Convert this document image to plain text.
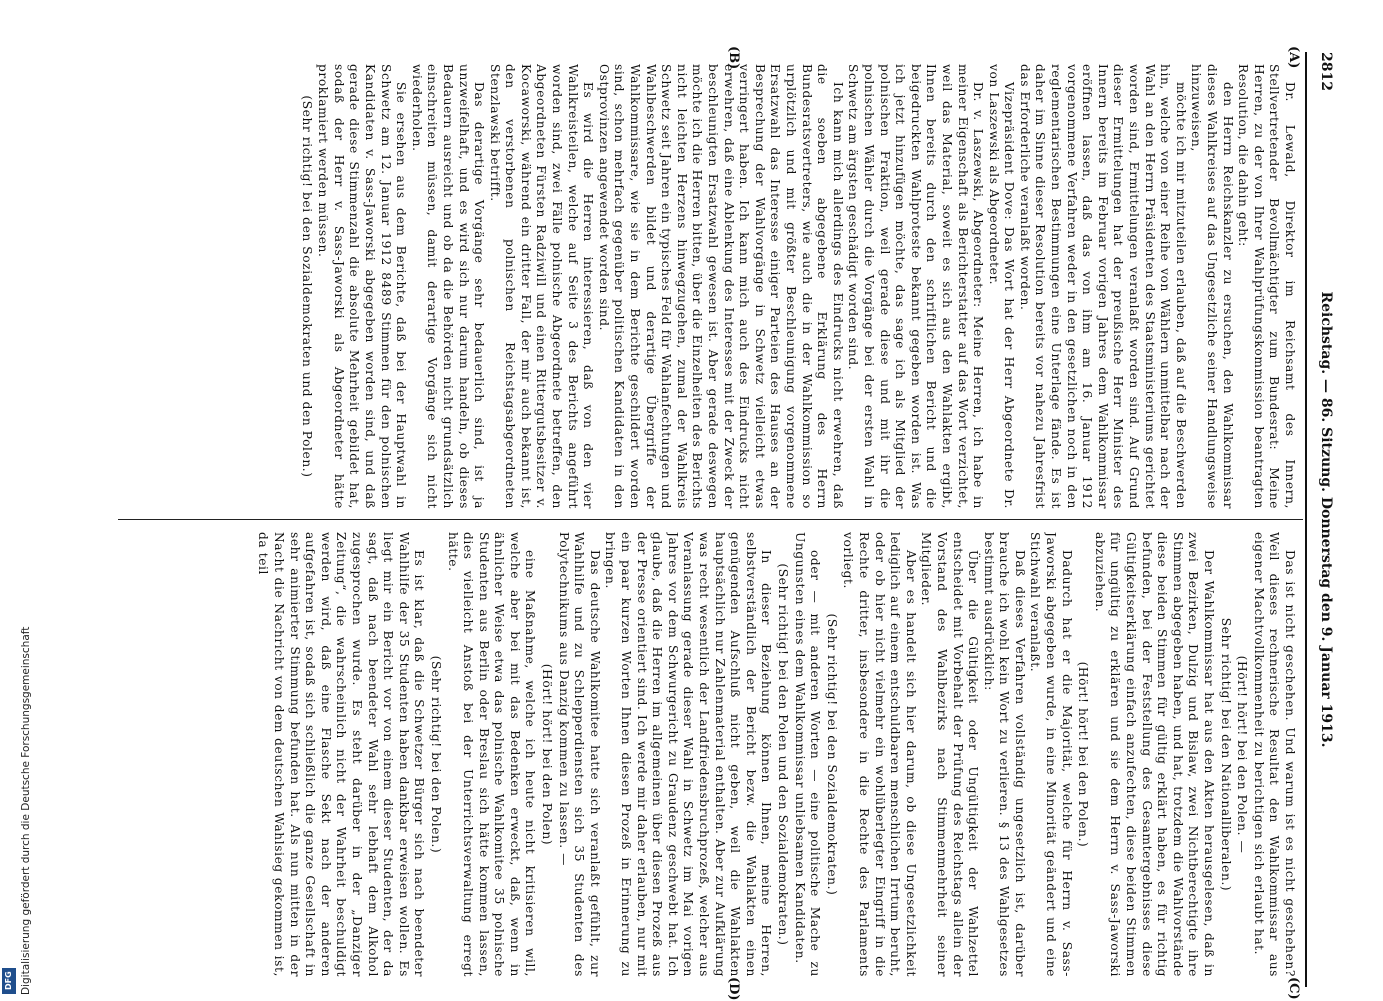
2812
Reichstag. — 86. Sitzung. Donnerstag den 9. Januar 1913.
(A)
(B)
(C)
(D)

Dr. Lewald, Direktor im Reichsamt des Innern, Stellvertretender Bevollmächtigter zum Bundesrat: Meine Herren, zu der von Ihrer Wahlprüfungskommission beantragten Resolution, die dahin geht:

den Herrn Reichskanzler zu ersuchen, den Wahlkommissar dieses Wahlkreises auf das Ungesetzliche seiner Handlungsweise hinzuweisen,

möchte ich mir mitzuteilen erlauben, daß auf die Beschwerden hin, welche von einer Reihe von Wählern unmittelbar nach der Wahl an den Herrn Präsidenten des Staatsministeriums gerichtet worden sind, Ermittelungen veranlaßt worden sind. Auf Grund dieser Ermittelungen hat der preußische Herr Minister des Innern bereits im Februar vorigen Jahres dem Wahlkommissar eröffnen lassen, daß das von ihm am 16. Januar 1912 vorgenommene Verfahren weder in den gesetzlichen noch in den reglementarischen Bestimmungen eine Unterlage fände. Es ist daher im Sinne dieser Resolution bereits vor nahezu Jahresfrist das Erforderliche veranlaßt worden.

Vizepräsident Dove: Das Wort hat der Herr Abgeordnete Dr. von Laszewski als Abgeordneter.

Dr. v. Laszewski, Abgeordneter: Meine Herren, ich habe in meiner Eigenschaft als Berichterstatter auf das Wort verzichtet, weil das Material, soweit es sich aus den Wahlakten ergibt, Ihnen bereits durch den schriftlichen Bericht und die beigedruckten Wahlproteste bekannt gegeben worden ist. Was ich jetzt hinzufügen möchte, das sage ich als Mitglied der polnischen Fraktion, weil gerade diese und mit ihr die polnischen Wähler durch die Vorgänge bei der ersten Wahl in Schwetz am ärgsten geschädigt worden sind.

Ich kann mich allerdings des Eindrucks nicht erwehren, daß die soeben abgegebene Erklärung des Herrn Bundesratsvertreters, wie auch die in der Wahlkommission so urplötzlich und mit größter Beschleunigung vorgenommene Ersatzwahl das Interesse einiger Parteien des Hauses an der Besprechung der Wahlvorgänge in Schwetz vielleicht etwas verringert haben. Ich kann mich auch des Eindrucks nicht erwehren, daß eine Ablenkung des Interesses mit der Zweck der beschleunigten Ersatzwahl gewesen ist. Aber gerade deswegen möchte ich die Herren bitten, über die Einzelheiten des Berichts nicht leichten Herzens hinwegzugehen, zumal der Wahlkreis Schwetz seit Jahren ein typisches Feld für Wahlanfechtungen und Wahlbeschwerden bildet und derartige Übergriffe der Wahlkommissare, wie sie in dem Berichte geschildert worden sind, schon mehrfach gegenüber politischen Kandidaten in den Ostprovinzen angewendet worden sind.

Es wird die Herren interessieren, daß von den vier Wahlkreisteilen, welche auf Seite 3 des Berichts angeführt worden sind, zwei Fälle polnische Abgeordnete betreffen, den Abgeordneten Fürsten Radziwill und einen Rittergutsbesitzer v. Kocaworski, während ein dritter Fall, der mir auch bekannt ist, den verstorbenen polnischen Reichstagsabgeordneten Stenzlawski betrifft.

Das derartige Vorgänge sehr bedauerlich sind, ist ja unzweifelhaft, und es wird sich nur darum handeln, ob dieses Bedauern ausreicht und ob da die Behörden nicht grundsätzlich einschreiten müssen, damit derartige Vorgänge sich nicht wiederholen.

Sie ersehen aus dem Berichte, daß bei der Hauptwahl in Schwetz am 12. Januar 1912 8489 Stimmen für den polnischen Kandidaten v. Sass-Jaworski abgegeben worden sind, und daß gerade diese Stimmenzahl die absolute Mehrheit gebildet hat, sodaß der Herr v. Sass-Jaworski als Abgeordneter hätte proklamiert werden müssen.

(Sehr richtig! bei den Sozialdemokraten und den Polen.)

Das ist nicht geschehen. Und warum ist es nicht geschehen? Weil dieses rechnerische Resultat den Wahlkommissar aus eigener Machtvollkommenheit zu berichtigen sich erlaubt hat.

(Hört! hört! bei den Polen. —

Sehr richtig! bei den Nationalliberalen.)

Der Wahlkommissar hat aus den Akten herausgelesen, daß in zwei Bezirken, Dulzig und Bislaw, zwei Nichtberechtigte ihre Stimmen abgegeben haben, und hat, trotzdem die Wahlvorstände diese beiden Stimmen für gültig erklärt haben, es für richtig befunden, bei der Feststellung des Gesamtergebnisses diese Gültigkeitserklärung einfach anzufechten, diese beiden Stimmen für ungültig zu erklären und sie dem Herrn v. Sass-Jaworski abzuziehen.

(Hört! hört! bei den Polen.)

Dadurch hat er die Majorität, welche für Herrn v. Sass-Jaworski abgegeben wurde, in eine Minorität geändert und eine Stichwahl veranlaßt.

Daß dieses Verfahren vollständig ungesetzlich ist, darüber brauche ich wohl kein Wort zu verlieren. § 13 des Wahlgesetzes bestimmt ausdrücklich:

Über die Gültigkeit oder Ungültigkeit der Wahlzettel entscheidet mit Vorbehalt der Prüfung des Reichstags allein der Vorstand des Wahlbezirks nach Stimmenmehrheit seiner Mitglieder.

Aber es handelt sich hier darum, ob diese Ungesetzlichkeit lediglich auf einem entschuldbaren menschlichen Irrtum beruht, oder ob hier nicht vielmehr ein wohlüberlegter Eingriff in die Rechte dritter, insbesondere in die Rechte des Parlaments vorliegt.

(Sehr richtig! bei den Sozialdemokraten.)

oder — mit anderen Worten — eine politische Mache zu Ungunsten eines dem Wahlkommissar unliebsamen Kandidaten.

(Sehr richtig! bei den Polen und den Sozialdemokraten.)

In dieser Beziehung können Ihnen, meine Herren, selbstverständlich der Bericht bezw. die Wahlakten einen genügenden Aufschluß nicht geben, weil die Wahlakten hauptsächlich nur Zahlenmaterial enthalten. Aber zur Aufklärung was recht wesentlich der Landfriedensbruchprozeß, welcher aus Veranlassung gerade dieser Wahl in Schwetz im Mai vorigen Jahres vor dem Schwurgericht zu Graudenz geschwebt hat. Ich glaube, daß die Herren im allgemeinen über diesen Prozeß aus der Presse orientiert sind. Ich werde mir daher erlauben, nur mit ein paar kurzen Worten Ihnen diesen Prozeß in Erinnerung zu bringen.

Das deutsche Wahlkomitee hatte sich veranlaßt gefühlt, zur Wahlhilfe und zu Schlepperdiensten sich 35 Studenten des Polytechnikums aus Danzig kommen zu lassen. —

(Hört! hört! bei den Polen)

eine Maßnahme, welche ich heute nicht kritisieren will, welche aber bei mit das Bedenken erweckt, daß, wenn in ähnlicher Weise etwa das polnische Wahlkomitee 35 polnische Studenten aus Berlin oder Breslau sich hätte kommen lassen, dies vielleicht Anstoß bei der Unterrichtsverwaltung erregt hätte.

(Sehr richtig! bei den Polen.)

Es ist klar, daß die Schwetzer Bürger sich nach beendeter Wahlhilfe der 35 Studenten haben dankbar erweisen wollen. Es liegt mir ein Bericht vor von einem dieser Studenten, der da sagt, daß nach beendeter Wahl sehr lebhaft dem Alkohol zugesprochen wurde. Es steht darüber in der „Danziger Zeitung“, die wahrscheinlich nicht der Wahrheit beschuldigt werden wird, daß eine Flasche Sekt nach der anderen aufgefahren ist, sodaß sich schließlich die ganze Gesellschaft in sehr animierter Stimmung befunden hat. Als nun mitten in der Nacht die Nachricht von dem deutschen Wahlsieg gekommen ist, da teil

Digitalisierung gefördert durch die Deutsche Forschungsgemeinschaft
DFG
